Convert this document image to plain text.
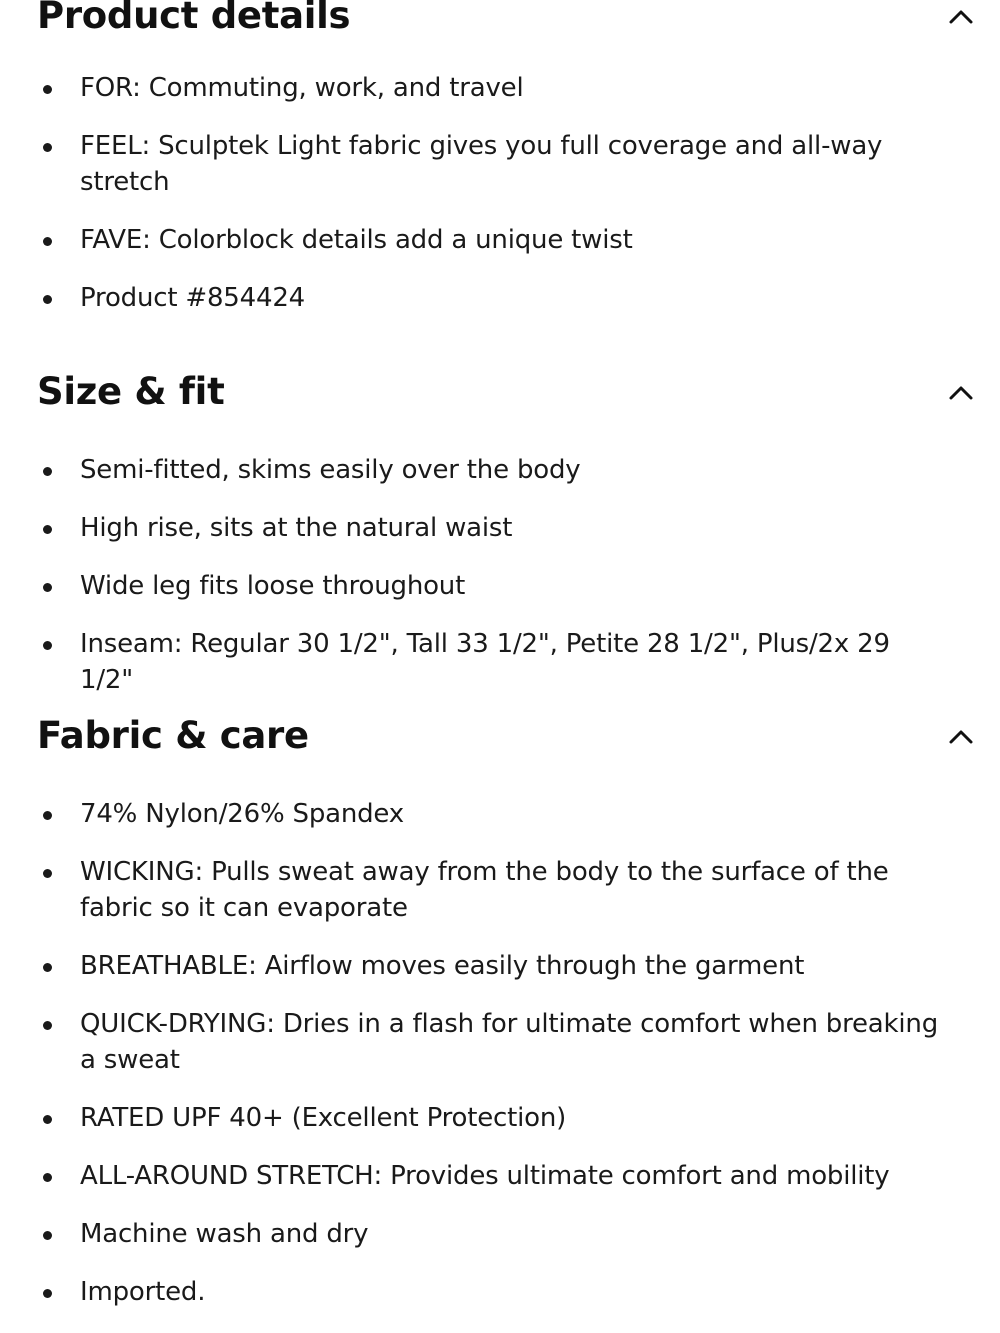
Product details
FOR: Commuting, work, and travel
FEEL: Sculptek Light fabric gives you full coverage and all-way stretch
FAVE: Colorblock details add a unique twist
Product #854424
Size & fit
Semi-fitted, skims easily over the body
High rise, sits at the natural waist
Wide leg fits loose throughout
Inseam: Regular 30 1/2", Tall 33 1/2", Petite 28 1/2", Plus/2x 29 1/2"
Fabric & care
74% Nylon/26% Spandex
WICKING: Pulls sweat away from the body to the surface of the fabric so it can evaporate
BREATHABLE: Airflow moves easily through the garment
QUICK-DRYING: Dries in a flash for ultimate comfort when breaking a sweat
RATED UPF 40+ (Excellent Protection)
ALL-AROUND STRETCH: Provides ultimate comfort and mobility
Machine wash and dry
Imported.
